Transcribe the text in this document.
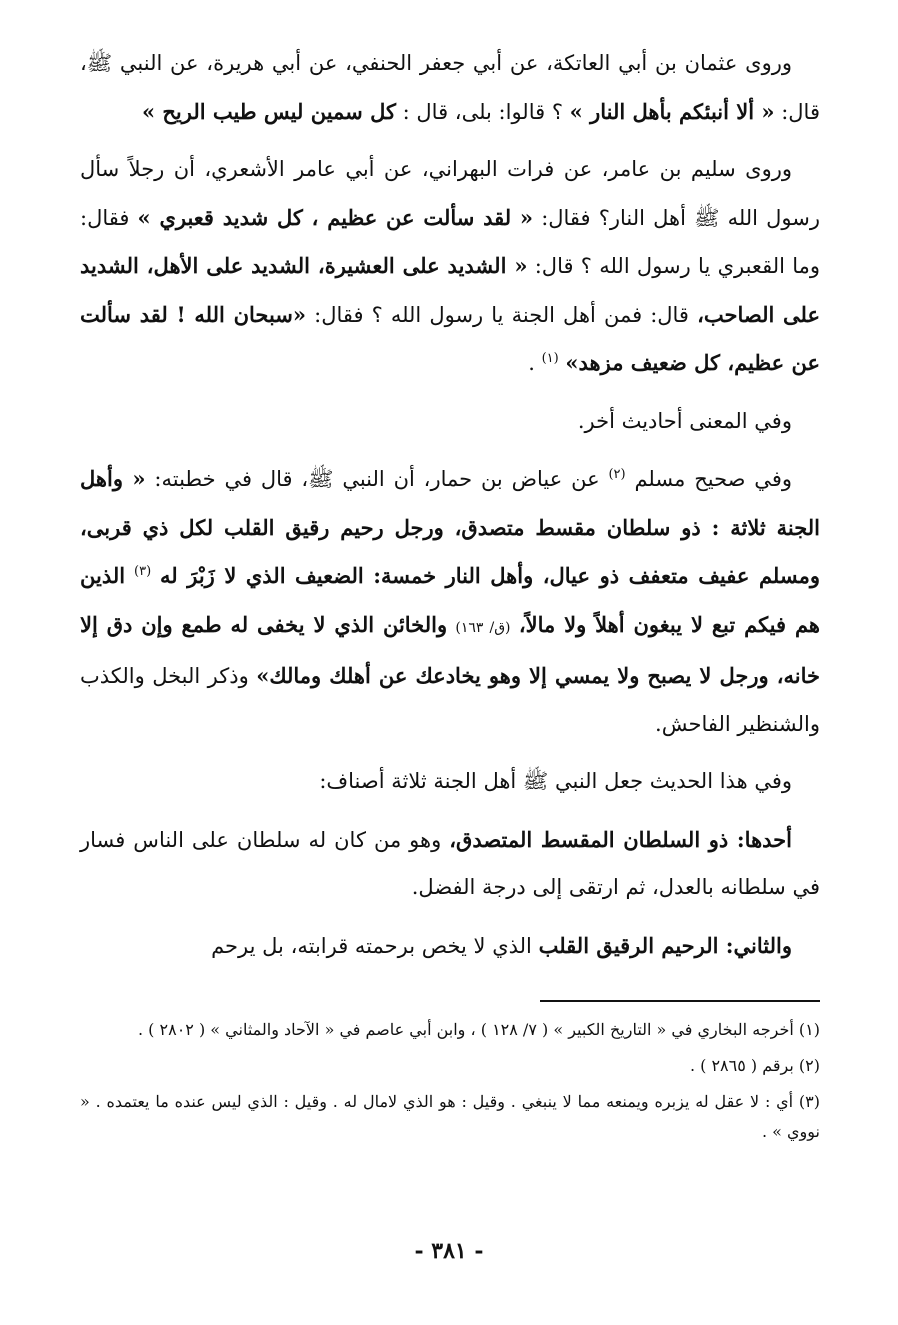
وروى عثمان بن أبي العاتكة، عن أبي جعفر الحنفي، عن أبي هريرة، عن النبي ﷺ، قال: « ألا أنبئكم بأهل النار » ؟ قالوا: بلى، قال : كل سمين ليس طيب الريح »
وروى سليم بن عامر، عن فرات البهراني، عن أبي عامر الأشعري، أن رجلاً سأل رسول الله ﷺ أهل النار؟ فقال: « لقد سألت عن عظيم ، كل شديد قعبري » فقال: وما القعبري يا رسول الله ؟ قال: « الشديد على العشيرة، الشديد على الأهل، الشديد على الصاحب، قال: فمن أهل الجنة يا رسول الله ؟ فقال: «سبحان الله ! لقد سألت عن عظيم، كل ضعيف مزهد» $^{(١)}$ .
وفي المعنى أحاديث أخر.
وفي صحيح مسلم $^{(٢)}$ عن عياض بن حمار، أن النبي ﷺ، قال في خطبته: « وأهل الجنة ثلاثة : ذو سلطان مقسط متصدق، ورجل رحيم رقيق القلب لكل ذي قربى، ومسلم عفيف متعفف ذو عيال، وأهل النار خمسة: الضعيف الذي لا زَبْرَ له $^{(٣)}$ الذين هم فيكم تبع لا يبغون أهلاً ولا مالاً، (ق/ ١٦٣) والخائن الذي لا يخفى له طمع وإن دق إلا خانه، ورجل لا يصبح ولا يمسي إلا وهو يخادعك عن أهلك ومالك» وذكر البخل والكذب والشنظير الفاحش.
وفي هذا الحديث جعل النبي ﷺ أهل الجنة ثلاثة أصناف:
أحدها: ذو السلطان المقسط المتصدق، وهو من كان له سلطان على الناس فسار في سلطانه بالعدل، ثم ارتقى إلى درجة الفضل.
والثاني: الرحيم الرقيق القلب الذي لا يخص برحمته قرابته، بل يرحم
(١) أخرجه البخاري في « التاريخ الكبير » ( ٧/ ١٢٨ ) ، وابن أبي عاصم في « الآحاد والمثاني » ( ٢٨٠٢ ) .
(٢) برقم ( ٢٨٦٥ ) .
(٣) أي : لا عقل له يزبره ويمنعه مما لا ينبغي . وقيل : هو الذي لامال له . وقيل : الذي ليس عنده ما يعتمده . « نووي » .
- ٣٨١ -
